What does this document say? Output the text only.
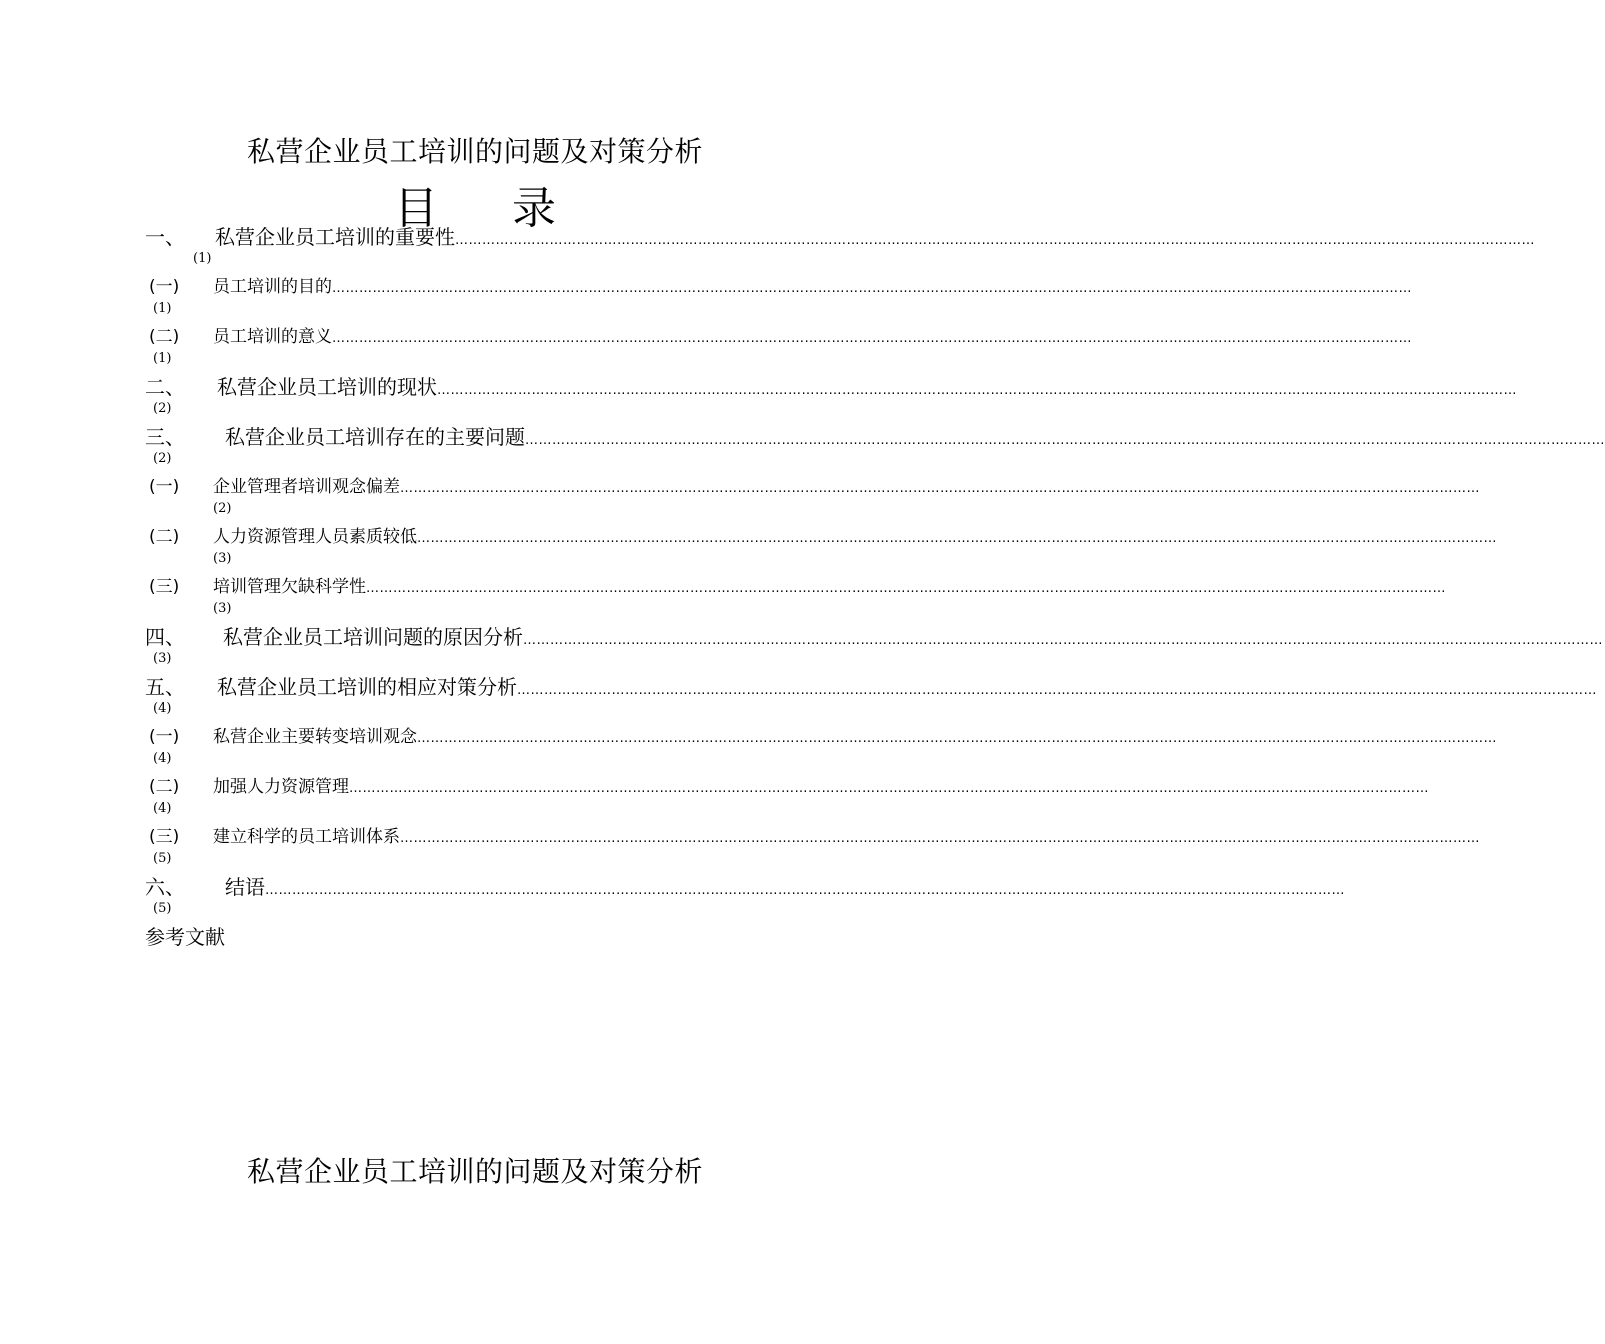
私营企业员工培训的问题及对策分析
目 录
一、	私营企业员工培训的重要性 ……………………………………………………………………………………………………………………………………………………………………………………………………………………
(1)
(一)	员工培训的目的 ……………………………………………………………………………………………………………………………………………………………………………………………………………………
(1)
(二)	员工培训的意义 ……………………………………………………………………………………………………………………………………………………………………………………………………………………
(1)
二、	私营企业员工培训的现状 ……………………………………………………………………………………………………………………………………………………………………………………………………………………
(2)
三、	私营企业员工培训存在的主要问题 ……………………………………………………………………………………………………………………………………………………………………………………………………………………
(2)
(一)	企业管理者培训观念偏差 ……………………………………………………………………………………………………………………………………………………………………………………………………………………
(2)
(二)	人力资源管理人员素质较低 ……………………………………………………………………………………………………………………………………………………………………………………………………………………
(3)
(三)	培训管理欠缺科学性 ……………………………………………………………………………………………………………………………………………………………………………………………………………………
(3)
四、	私营企业员工培训问题的原因分析 ……………………………………………………………………………………………………………………………………………………………………………………………………………………
(3)
五、	私营企业员工培训的相应对策分析 ……………………………………………………………………………………………………………………………………………………………………………………………………………………
(4)
(一)	私营企业主要转变培训观念 ……………………………………………………………………………………………………………………………………………………………………………………………………………………
(4)
(二)	加强人力资源管理 ……………………………………………………………………………………………………………………………………………………………………………………………………………………
(4)
(三)	建立科学的员工培训体系 ……………………………………………………………………………………………………………………………………………………………………………………………………………………
(5)
六、	结语 ……………………………………………………………………………………………………………………………………………………………………………………………………………………
(5)
参考文献
私营企业员工培训的问题及对策分析
